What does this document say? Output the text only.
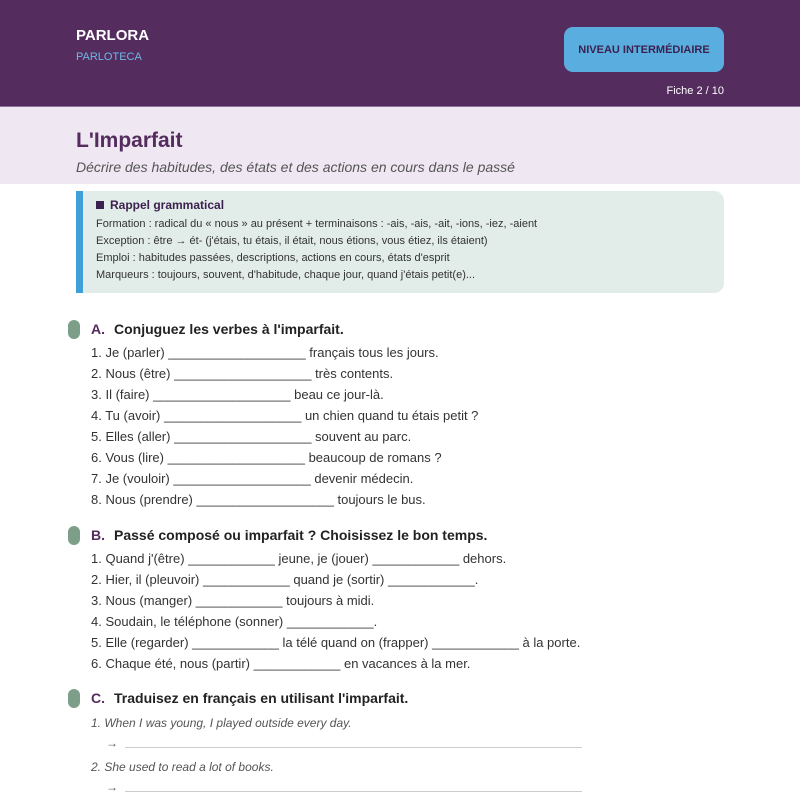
PARLORA
PARLOTECA
NIVEAU INTERMÉDIAIRE
Fiche 2 / 10
L'Imparfait
Décrire des habitudes, des états et des actions en cours dans le passé
Rappel grammatical
Formation : radical du « nous » au présent + terminaisons : -ais, -ais, -ait, -ions, -iez, -aient
Exception : être → ét- (j'étais, tu étais, il était, nous étions, vous étiez, ils étaient)
Emploi : habitudes passées, descriptions, actions en cours, états d'esprit
Marqueurs : toujours, souvent, d'habitude, chaque jour, quand j'étais petit(e)...
A. Conjuguez les verbes à l'imparfait.
1. Je (parler) ___________________ français tous les jours.
2. Nous (être) ___________________ très contents.
3. Il (faire) ___________________ beau ce jour-là.
4. Tu (avoir) ___________________ un chien quand tu étais petit ?
5. Elles (aller) ___________________ souvent au parc.
6. Vous (lire) ___________________ beaucoup de romans ?
7. Je (vouloir) ___________________ devenir médecin.
8. Nous (prendre) ___________________ toujours le bus.
B. Passé composé ou imparfait ? Choisissez le bon temps.
1. Quand j'(être) ____________ jeune, je (jouer) ____________ dehors.
2. Hier, il (pleuvoir) ____________ quand je (sortir) ____________.
3. Nous (manger) ____________ toujours à midi.
4. Soudain, le téléphone (sonner) ____________.
5. Elle (regarder) ____________ la télé quand on (frapper) ____________ à la porte.
6. Chaque été, nous (partir) ____________ en vacances à la mer.
C. Traduisez en français en utilisant l'imparfait.
1. When I was young, I played outside every day.
→
2. She used to read a lot of books.
→
